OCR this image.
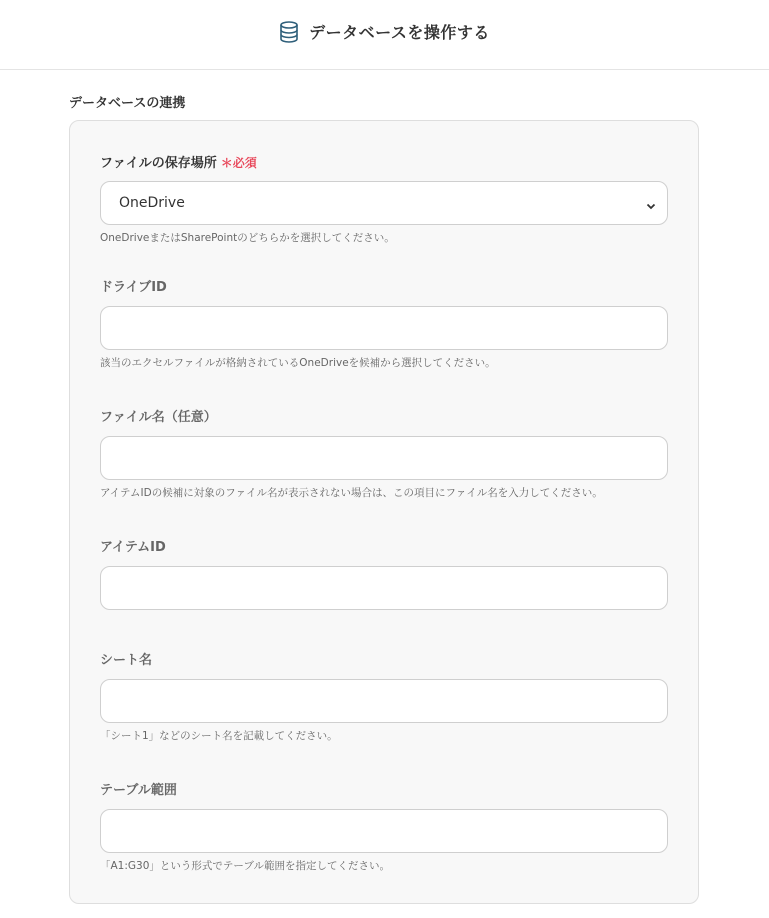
データベースを操作する
データベースの連携
ファイルの保存場所 ＊必須
OneDrive
OneDriveまたはSharePointのどちらかを選択してください。
ドライブID
該当のエクセルファイルが格納されているOneDriveを候補から選択してください。
ファイル名（任意）
アイテムIDの候補に対象のファイル名が表示されない場合は、この項目にファイル名を入力してください。
アイテムID
シート名
「シート1」などのシート名を記載してください。
テーブル範囲
「A1:G30」という形式でテーブル範囲を指定してください。
